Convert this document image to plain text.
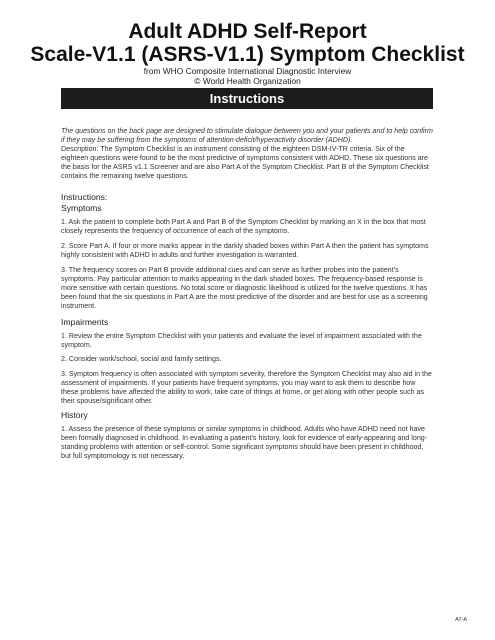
Adult ADHD Self-Report
Scale-V1.1 (ASRS-V1.1) Symptom Checklist
from WHO Composite International Diagnostic Interview
© World Health Organization
Instructions

The questions on the back page are designed to stimulate dialogue between you and your patients and to help confirm if they may be suffering from the symptoms of attention-deficit/hyperactivity disorder (ADHD).

Description: The Symptom Checklist is an instrument consisting of the eighteen DSM-IV-TR criteria. Six of the eighteen questions were found to be the most predictive of symptoms consistent with ADHD. These six questions are the basis for the ASRS v1.1 Screener and are also Part A of the Symptom Checklist. Part B of the Symptom Checklist contains the remaining twelve questions.

Instructions:

Symptoms

1. Ask the patient to complete both Part A and Part B of the Symptom Checklist by marking an X in the box that most closely represents the frequency of occurrence of each of the symptoms.
2. Score Part A. If four or more marks appear in the darkly shaded boxes within Part A then the patient has symptoms highly consistent with ADHD in adults and further investigation is warranted.
3. The frequency scores on Part B provide additional cues and can serve as further probes into the patient’s symptoms. Pay particular attention to marks appearing in the dark shaded boxes. The frequency-based response is more sensitive with certain questions. No total score or diagnostic likelihood is utilized for the twelve questions. It has been found that the six questions in Part A are the most predictive of the disorder and are best for use as a screening instrument.

Impairments

1. Review the entire Symptom Checklist with your patients and evaluate the level of impairment associated with the symptom.
2. Consider work/school, social and family settings.
3. Symptom frequency is often associated with symptom severity, therefore the Symptom Checklist may also aid in the assessment of impairments. If your patients have frequent symptoms, you may want to ask them to describe how these problems have affected the ability to work, take care of things at home, or get along with other people such as their spouse/significant other.

History

1. Assess the presence of these symptoms or similar symptoms in childhood. Adults who have ADHD need not have been formally diagnosed in childhood. In evaluating a patient’s history, look for evidence of early-appearing and long-standing problems with attention or self-control. Some significant symptoms should have been present in childhood, but full symptomology is not necessary.
AT-A
